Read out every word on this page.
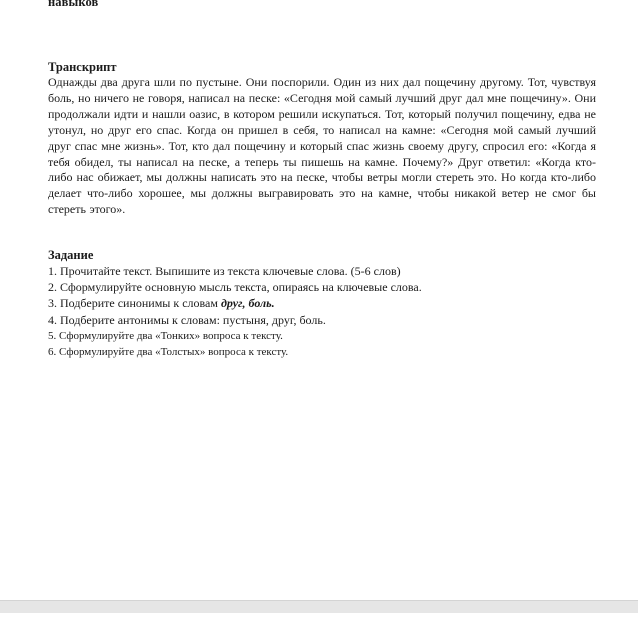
навыков
Транскрипт
Однажды два друга шли по пустыне. Они поспорили. Один из них дал пощечину другому. Тот, чувствуя боль, но ничего не говоря, написал на песке: «Сегодня мой самый лучший друг дал мне пощечину». Они продолжали идти и нашли оазис, в котором решили искупаться. Тот, который получил пощечину, едва не утонул, но друг его спас. Когда он пришел в себя, то написал на камне: «Сегодня мой самый лучший друг спас мне жизнь». Тот, кто дал пощечину и который спас жизнь своему другу, спросил его: «Когда я тебя обидел, ты написал на песке, а теперь ты пишешь на камне. Почему?» Друг ответил: «Когда кто-либо нас обижает, мы должны написать это на песке, чтобы ветры могли стереть это. Но когда кто-либо делает что-либо хорошее, мы должны выгравировать это на камне, чтобы никакой ветер не смог бы стереть этого».
Задание
1. Прочитайте текст. Выпишите из текста ключевые слова. (5-6 слов)
2. Сформулируйте основную мысль текста, опираясь на ключевые слова.
3. Подберите синонимы к словам друг, боль.
4. Подберите антонимы к словам: пустыня, друг, боль.
5. Сформулируйте два «Тонких» вопроса к тексту.
6. Сформулируйте два «Толстых» вопроса к тексту.
